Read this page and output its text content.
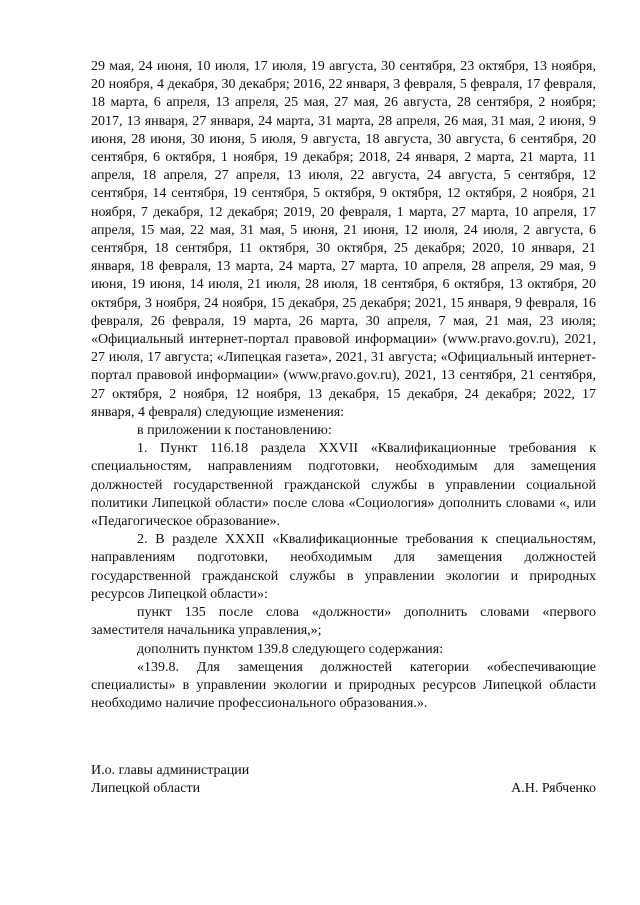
29 мая, 24 июня, 10 июля, 17 июля, 19 августа, 30 сентября, 23 октября, 13 ноября, 20 ноября, 4 декабря, 30 декабря; 2016, 22 января, 3 февраля, 5 февраля, 17 февраля, 18 марта, 6 апреля, 13 апреля, 25 мая, 27 мая, 26 августа, 28 сентября, 2 ноября; 2017, 13 января, 27 января, 24 марта, 31 марта, 28 апреля, 26 мая, 31 мая, 2 июня, 9 июня, 28 июня, 30 июня, 5 июля, 9 августа, 18 августа, 30 августа, 6 сентября, 20 сентября, 6 октября, 1 ноября, 19 декабря; 2018, 24 января, 2 марта, 21 марта, 11 апреля, 18 апреля, 27 апреля, 13 июля, 22 августа, 24 августа, 5 сентября, 12 сентября, 14 сентября, 19 сентября, 5 октября, 9 октября, 12 октября, 2 ноября, 21 ноября, 7 декабря, 12 декабря; 2019, 20 февраля, 1 марта, 27 марта, 10 апреля, 17 апреля, 15 мая, 22 мая, 31 мая, 5 июня, 21 июня, 12 июля, 24 июля, 2 августа, 6 сентября, 18 сентября, 11 октября, 30 октября, 25 декабря; 2020, 10 января, 21 января, 18 февраля, 13 марта, 24 марта, 27 марта, 10 апреля, 28 апреля, 29 мая, 9 июня, 19 июня, 14 июля, 21 июля, 28 июля, 18 сентября, 6 октября, 13 октября, 20 октября, 3 ноября, 24 ноября, 15 декабря, 25 декабря; 2021, 15 января, 9 февраля, 16 февраля, 26 февраля, 19 марта, 26 марта, 30 апреля, 7 мая, 21 мая, 23 июля; «Официальный интернет-портал правовой информации» (www.pravo.gov.ru), 2021, 27 июля, 17 августа; «Липецкая газета», 2021, 31 августа; «Официальный интернет-портал правовой информации» (www.pravo.gov.ru), 2021, 13 сентября, 21 сентября, 27 октября, 2 ноября, 12 ноября, 13 декабря, 15 декабря, 24 декабря; 2022, 17 января, 4 февраля) следующие изменения:

в приложении к постановлению:

1. Пункт 116.18 раздела XXVII «Квалификационные требования к специальностям, направлениям подготовки, необходимым для замещения должностей государственной гражданской службы в управлении социальной политики Липецкой области» после слова «Социология» дополнить словами «, или «Педагогическое образование».

2. В разделе XXXII «Квалификационные требования к специальностям, направлениям подготовки, необходимым для замещения должностей государственной гражданской службы в управлении экологии и природных ресурсов Липецкой области»:

пункт 135 после слова «должности» дополнить словами «первого заместителя начальника управления,»;

дополнить пунктом 139.8 следующего содержания:

«139.8. Для замещения должностей категории «обеспечивающие специалисты» в управлении экологии и природных ресурсов Липецкой области необходимо наличие профессионального образования.».

И.о. главы администрации
Липецкой области	А.Н. Рябченко
